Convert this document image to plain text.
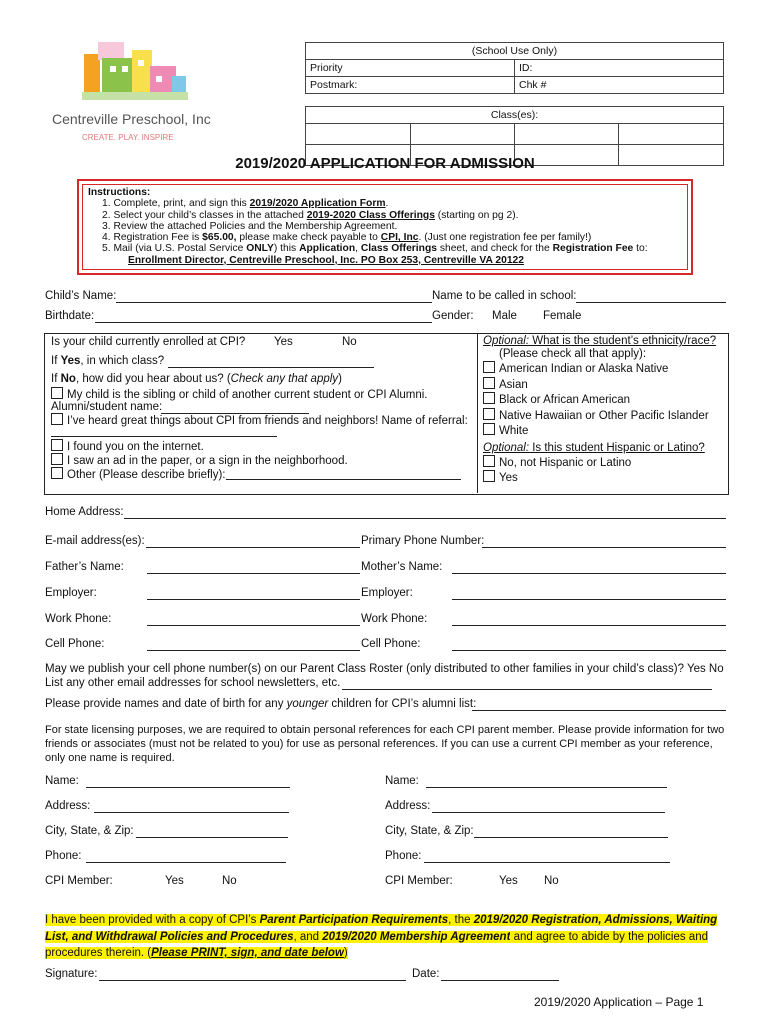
Centreville Preschool, Inc
CREATE. PLAY. INSPIRE
(School Use Only)			
Priority		ID:	
Postmark:		Chk #	

Class(es):			

2019/2020 APPLICATION FOR ADMISSION
Instructions:
1. Complete, print, and sign this 2019/2020 Application Form.
2. Select your child’s classes in the attached 2019-2020 Class Offerings (starting on pg 2).
3. Review the attached Policies and the Membership Agreement.
4. Registration Fee is $65.00, please make check payable to CPI, Inc. (Just one registration fee per family!)
5. Mail (via U.S. Postal Service ONLY) this Application, Class Offerings sheet, and check for the Registration Fee to:
Enrollment Director, Centreville Preschool, Inc. PO Box 253, Centreville VA 20122
Child’s Name:	Name to be called in school:
Birthdate:	Gender: Male Female
Is your child currently enrolled at CPI? Yes	No
If Yes, in which class?
If No, how did you hear about us? (Check any that apply)
My child is the sibling or child of another current student or CPI Alumni.
Alumni/student name:
I’ve heard great things about CPI from friends and neighbors! Name of referral:
I found you on the internet.
I saw an ad in the paper, or a sign in the neighborhood.
Other (Please describe briefly):
Optional: What is the student’s ethnicity/race?
(Please check all that apply):
American Indian or Alaska Native
Asian
Black or African American
Native Hawaiian or Other Pacific Islander
White
Optional: Is this student Hispanic or Latino?
No, not Hispanic or Latino
Yes
Home Address:
E-mail address(es):	Primary Phone Number:
Father’s Name:	Mother’s Name:
Employer:	Employer:
Work Phone:	Work Phone:
Cell Phone:	Cell Phone:
May we publish your cell phone number(s) on our Parent Class Roster (only distributed to other families in your child’s class)? Yes No
List any other email addresses for school newsletters, etc.
Please provide names and date of birth for any younger children for CPI’s alumni list:
For state licensing purposes, we are required to obtain personal references for each CPI parent member. Please provide information for two friends or associates (must not be related to you) for use as personal references. If you can use a current CPI member as your reference, only one name is required.
Name:	Name:
Address:	Address:
City, State, & Zip:	City, State, & Zip:
Phone:	Phone:
CPI Member:	Yes	No	CPI Member:	Yes No
I have been provided with a copy of CPI’s Parent Participation Requirements, the 2019/2020 Registration, Admissions, Waiting List, and Withdrawal Policies and Procedures, and 2019/2020 Membership Agreement and agree to abide by the policies and procedures therein. (Please PRINT, sign, and date below)
Signature:	Date:
2019/2020 Application – Page 1
